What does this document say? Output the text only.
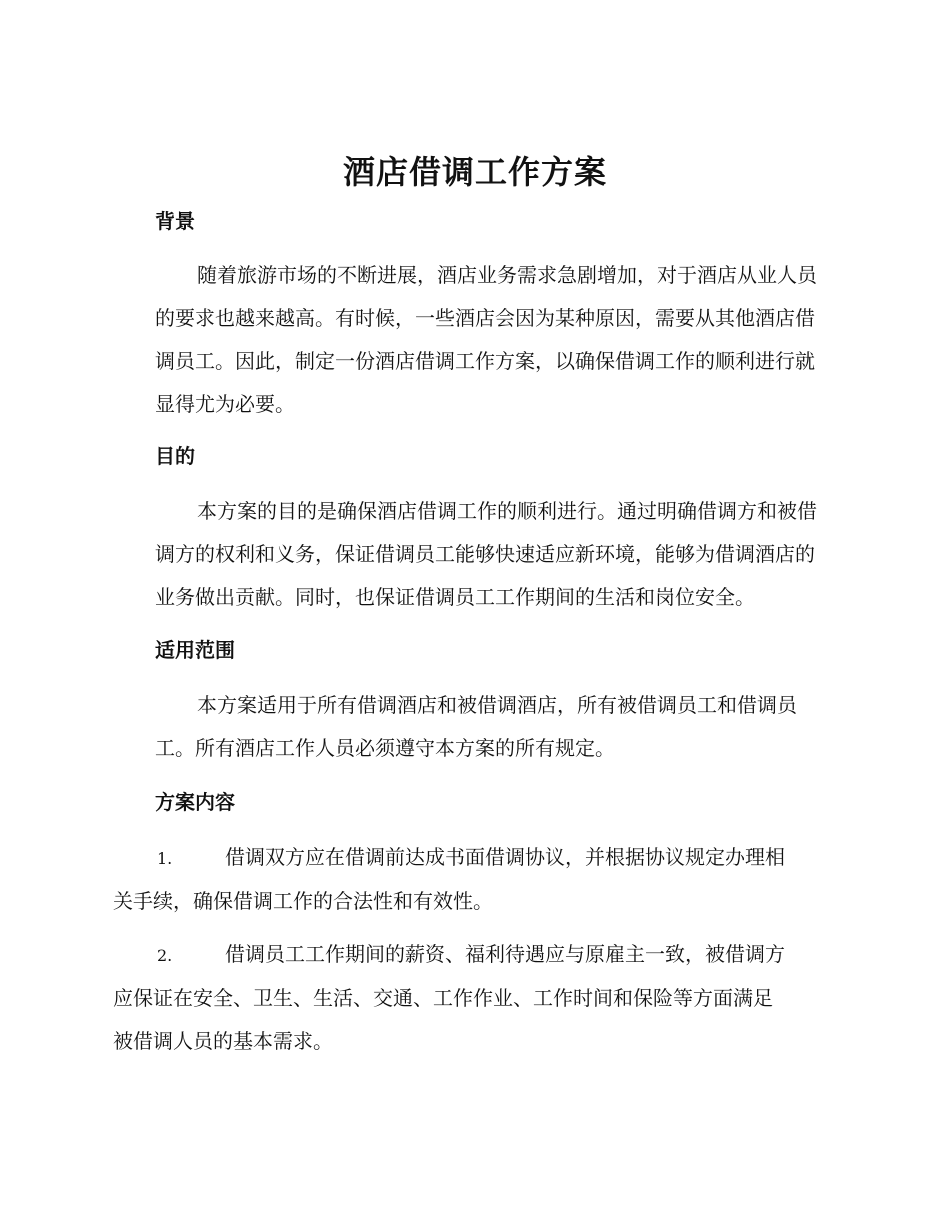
酒店借调工作方案
背景
随着旅游市场的不断进展，酒店业务需求急剧增加，对于酒店从业人员
的要求也越来越高。有时候，一些酒店会因为某种原因，需要从其他酒店借
调员工。因此，制定一份酒店借调工作方案，以确保借调工作的顺利进行就
显得尤为必要。
目的
本方案的目的是确保酒店借调工作的顺利进行。通过明确借调方和被借
调方的权利和义务，保证借调员工能够快速适应新环境，能够为借调酒店的
业务做出贡献。同时，也保证借调员工工作期间的生活和岗位安全。
适用范围
本方案适用于所有借调酒店和被借调酒店，所有被借调员工和借调员
工。所有酒店工作人员必须遵守本方案的所有规定。
方案内容
1.	借调双方应在借调前达成书面借调协议，并根据协议规定办理相
关手续，确保借调工作的合法性和有效性。
2.	借调员工工作期间的薪资、福利待遇应与原雇主一致，被借调方
应保证在安全、卫生、生活、交通、工作作业、工作时间和保险等方面满足
被借调人员的基本需求。
